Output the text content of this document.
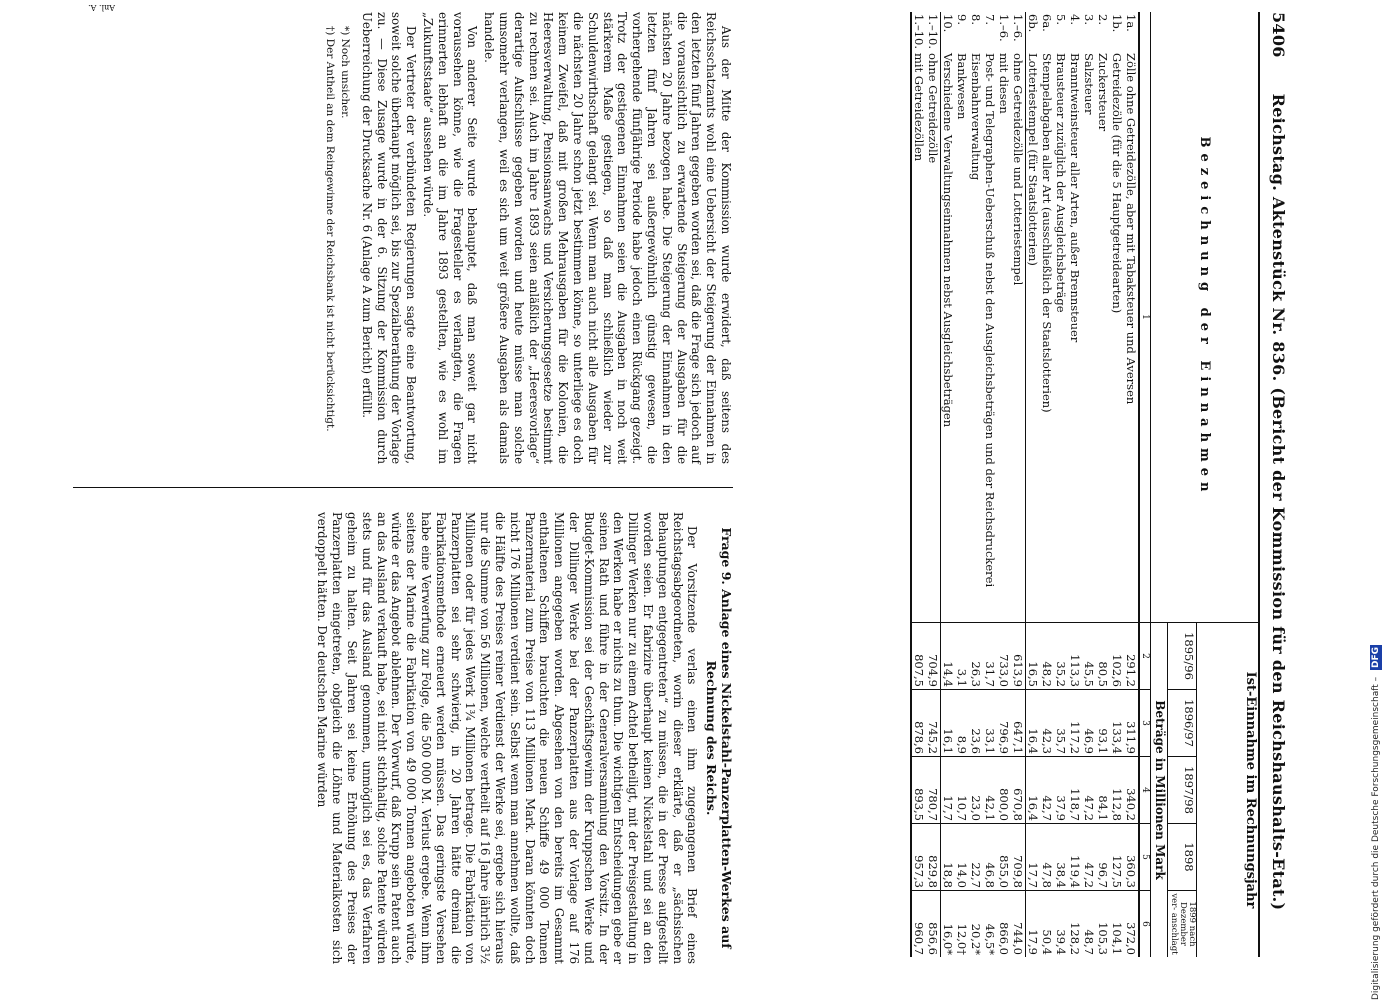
5406 Reichstag. Aktenstück Nr. 836. (Bericht der Kommission für den Reichshaushalts-Etat.)
Bezeichnung der Einnahmen		Ist-Einnahme im Rechnungsjahr				
		1895/96	1896/97	1897/98	1898	1899 nach Dezember ver- anschlagt
		Beträge in Millionen Mark				
1		2	3	4	5	6
1a.	Zölle ohne Getreidezölle, aber mit Tabaksteuer und Aversen	291,2	311,9	340,2	360,3	372,0
1b.	Getreidezölle (für die 5 Hauptgetreidearten)	102,6	133,4	112,8	127,5	104,1
2.	Zuckersteuer	80,5	93,1	84,1	96,7	105,3
3.	Salzsteuer	45,5	46,9	47,2	47,2	48,7
4.	Branntweinsteuer aller Arten, außer Brennsteuer	113,3	117,2	118,7	119,4	128,2
5.	Brausteuer zuzüglich der Ausgleichsbeträge	35,2	35,7	37,9	38,4	39,4
6a.	Stempelabgaben aller Art (ausschließlich der Staatslotterien)	48,2	42,3	42,7	47,8	50,4
6b.	Lotteriestempel (für Staatslotterien)	16,5	16,4	16,4	17,7	17,9
1.–6.	ohne Getreidezölle und Lotteriestempel	613,9	647,1	670,8	709,8	744,0
1.–6.	mit diesen	733,0	796,9	800,0	855,0	866,0
7.	Post- und Telegraphen-Ueberschuß nebst den Ausgleichsbeträgen und der Reichsdruckerei	31,7	33,1	42,1	46,8	46,5*
8.	Eisenbahnverwaltung	26,3	23,6	23,0	22,7	20,2*
9.	Bankwesen	3,1	8,9	10,7	14,0	12,0†
10.	Verschiedene Verwaltungseinnahmen nebst Ausgleichsbeträgen	14,4	16,1	17,7	18,8	16,0*
1.–10.	ohne Getreidezölle	704,9	745,2	780,7	829,8	856,6
1.–10.	mit Getreidezöllen	807,5	878,6	893,5	957,3	960,7

Aus der Mitte der Kommission wurde erwidert, daß seitens des Reichsschatzamts wohl eine Uebersicht der Steigerung der Einnahmen in den letzten fünf Jahren gegeben worden sei, daß die Frage sich jedoch auf die voraussichtlich zu erwartende Steigerung der Ausgaben für die nächsten 20 Jahre bezogen habe. Die Steigerung der Einnahmen in den letzten fünf Jahren sei außergewöhnlich günstig gewesen, die vorhergehende fünfjährige Periode habe jedoch einen Rückgang gezeigt. Trotz der gestiegenen Einnahmen seien die Ausgaben in noch weit stärkerem Maße gestiegen, so daß man schließlich wieder zur Schuldenwirthschaft gelangt sei. Wenn man auch nicht alle Ausgaben für die nächsten 20 Jahre schon jetzt bestimmen könne, so unterliege es doch keinem Zweifel, daß mit großen Mehrausgaben für die Kolonien, die Heeresverwaltung, Pensionsanwachs und Versicherungsgesetze bestimmt zu rechnen sei. Auch im Jahre 1893 seien anläßlich der „Heeresvorlage“ derartige Aufschlüsse gegeben worden und heute müsse man solche umsomehr verlangen, weil es sich um weit größere Ausgaben als damals handele.

Von anderer Seite wurde behauptet, daß man soweit gar nicht voraussehen könne, wie die Fragesteller es verlangten, die Fragen erinnerten lebhaft an die im Jahre 1893 gestellten, wie es wohl im „Zukunftsstaate“ aussehen würde.

Der Vertreter der verbündeten Regierungen sagte eine Beantwortung, soweit solche überhaupt möglich sei, bis zur Spezialberathung der Vorlage zu. — Diese Zusage wurde in der 6. Sitzung der Kommission durch Ueberreichung der Drucksache Nr. 6 (Anlage A zum Bericht) erfüllt.

*) Noch unsicher.

†) Der Antheil an dem Reingewinne der Reichsbank ist nicht berücksichtigt.

Anl. A.
Frage 9. Anlage eines Nickelstahl-Panzerplatten-Werkes auf Rechnung des Reichs.

Der Vorsitzende verlas einen ihm zugegangenen Brief eines Reichstagsabgeordneten, worin dieser erklärte, daß er „sächsischen Behauptungen entgegentreten“ zu müssen, die in der Presse aufgestellt worden seien. Er fabrizire überhaupt keinen Nickelstahl und sei an den Dillinger Werken nur zu einem Achtel betheiligt, mit der Preisgestaltung in den Werken habe er nichts zu thun. Die wichtigen Entscheidungen gebe er seinen Rath und führe in der Generalversammlung den Vorsitz. In der Budget-Kommission sei der Geschäftsgewinn der Kruppschen Werke und der Dillinger Werke bei der Panzerplatten aus der Vorlage auf 176 Millionen angegeben worden. Abgesehen von den bereits im Gesammt enthaltenen Schiffen brauchten die neuen Schiffe 49 000 Tonnen Panzermaterial zum Preise von 113 Millionen Mark. Daran könnten doch nicht 176 Millionen verdient sein. Selbst wenn man annehmen wollte, daß die Hälfte des Preises reiner Verdienst der Werke sei, ergebe sich hieraus nur die Summe von 56 Millionen, welche vertheilt auf 16 Jahre jährlich 3½ Millionen oder für jedes Werk 1¾ Millionen betrage. Die Fabrikation von Panzerplatten sei sehr schwierig, in 20 Jahren hätte dreimal die Fabrikationsmethode erneuert werden müssen. Das geringste Versehen habe eine Verwerfung zur Folge, die 500 000 M. Verlust ergebe. Wenn ihm seitens der Marine die Fabrikation von 49 000 Tonnen angeboten würde, würde er das Angebot ablehnen. Der Vorwurf, daß Krupp sein Patent auch an das Ausland verkauft habe, sei nicht stichhaltig, solche Patente würden stets und für das Ausland genommen, unmöglich sei es, das Verfahren geheim zu halten. Seit Jahren sei keine Erhöhung des Preises der Panzerplatten eingetreten, obgleich die Löhne und Materialkosten sich verdoppelt hätten. Der deutschen Marine würden

Digitalisierung gefördert durch die Deutsche Forschungsgemeinschaft – DFG
